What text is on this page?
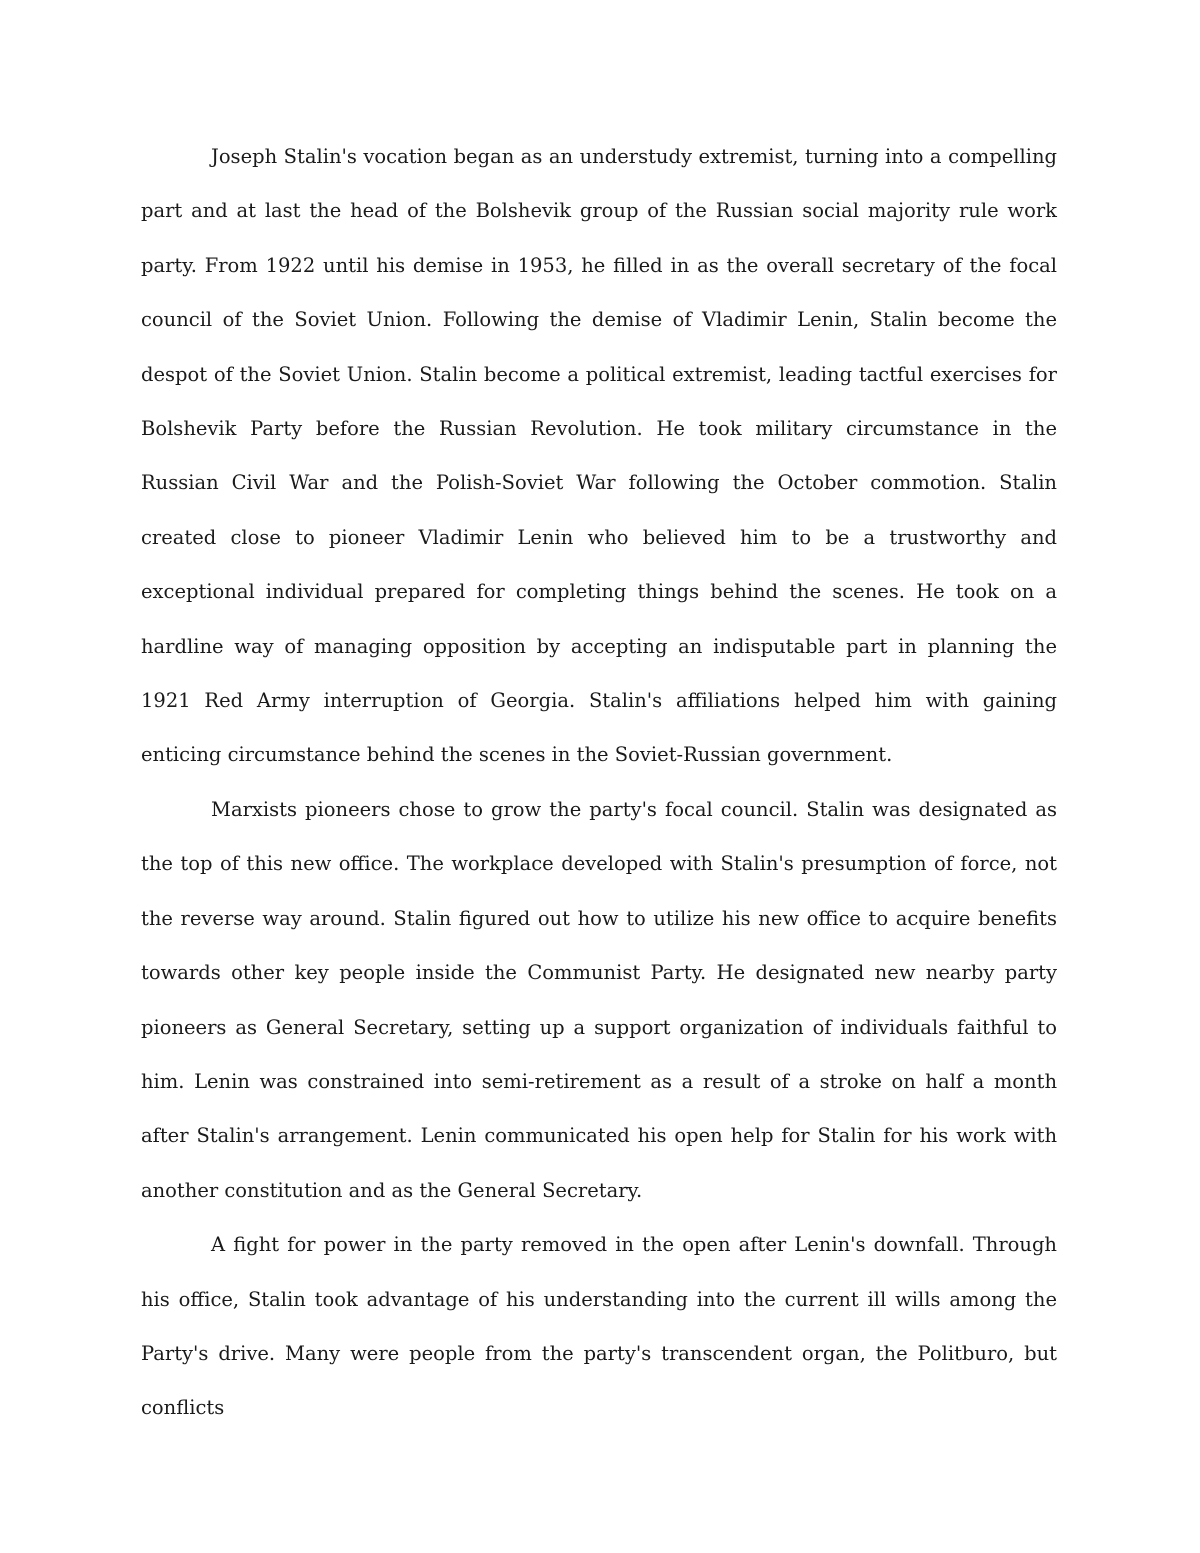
Joseph Stalin's vocation began as an understudy extremist, turning into a compelling part and at last the head of the Bolshevik group of the Russian social majority rule work party. From 1922 until his demise in 1953, he filled in as the overall secretary of the focal council of the Soviet Union. Following the demise of Vladimir Lenin, Stalin become the despot of the Soviet Union. Stalin become a political extremist, leading tactful exercises for Bolshevik Party before the Russian Revolution. He took military circumstance in the Russian Civil War and the Polish-Soviet War following the October commotion. Stalin created close to pioneer Vladimir Lenin who believed him to be a trustworthy and exceptional individual prepared for completing things behind the scenes. He took on a hardline way of managing opposition by accepting an indisputable part in planning the 1921 Red Army interruption of Georgia. Stalin's affiliations helped him with gaining enticing circumstance behind the scenes in the Soviet-Russian government.

Marxists pioneers chose to grow the party's focal council. Stalin was designated as the top of this new office. The workplace developed with Stalin's presumption of force, not the reverse way around. Stalin figured out how to utilize his new office to acquire benefits towards other key people inside the Communist Party. He designated new nearby party pioneers as General Secretary, setting up a support organization of individuals faithful to him. Lenin was constrained into semi-retirement as a result of a stroke on half a month after Stalin's arrangement. Lenin communicated his open help for Stalin for his work with another constitution and as the General Secretary.

A fight for power in the party removed in the open after Lenin's downfall. Through his office, Stalin took advantage of his understanding into the current ill wills among the Party's drive. Many were people from the party's transcendent organ, the Politburo, but conflicts
